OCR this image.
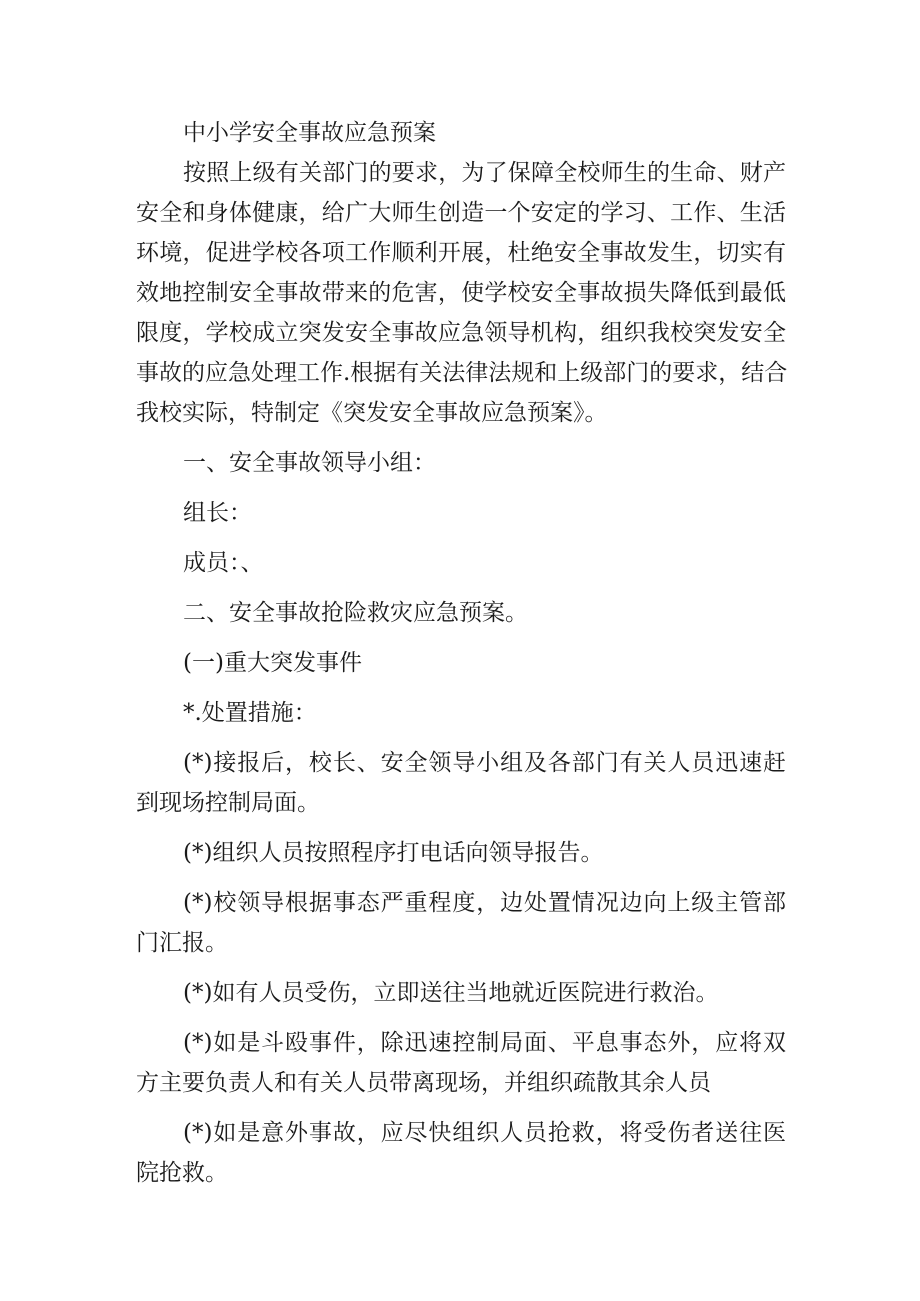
中小学安全事故应急预案
按照上级有关部门的要求，为了保障全校师生的生命、财产
安全和身体健康，给广大师生创造一个安定的学习、工作、生活
环境，促进学校各项工作顺利开展，杜绝安全事故发生，切实有
效地控制安全事故带来的危害，使学校安全事故损失降低到最低
限度，学校成立突发安全事故应急领导机构，组织我校突发安全
事故的应急处理工作.根据有关法律法规和上级部门的要求，结合
我校实际，特制定《突发安全事故应急预案》。
一、安全事故领导小组：
组长：
成员：、
二、安全事故抢险救灾应急预案。
(一)重大突发事件
*.处置措施：
(*)接报后，校长、安全领导小组及各部门有关人员迅速赶
到现场控制局面。
(*)组织人员按照程序打电话向领导报告。
(*)校领导根据事态严重程度，边处置情况边向上级主管部
门汇报。
(*)如有人员受伤，立即送往当地就近医院进行救治。
(*)如是斗殴事件，除迅速控制局面、平息事态外，应将双
方主要负责人和有关人员带离现场，并组织疏散其余人员
(*)如是意外事故，应尽快组织人员抢救，将受伤者送往医
院抢救。
